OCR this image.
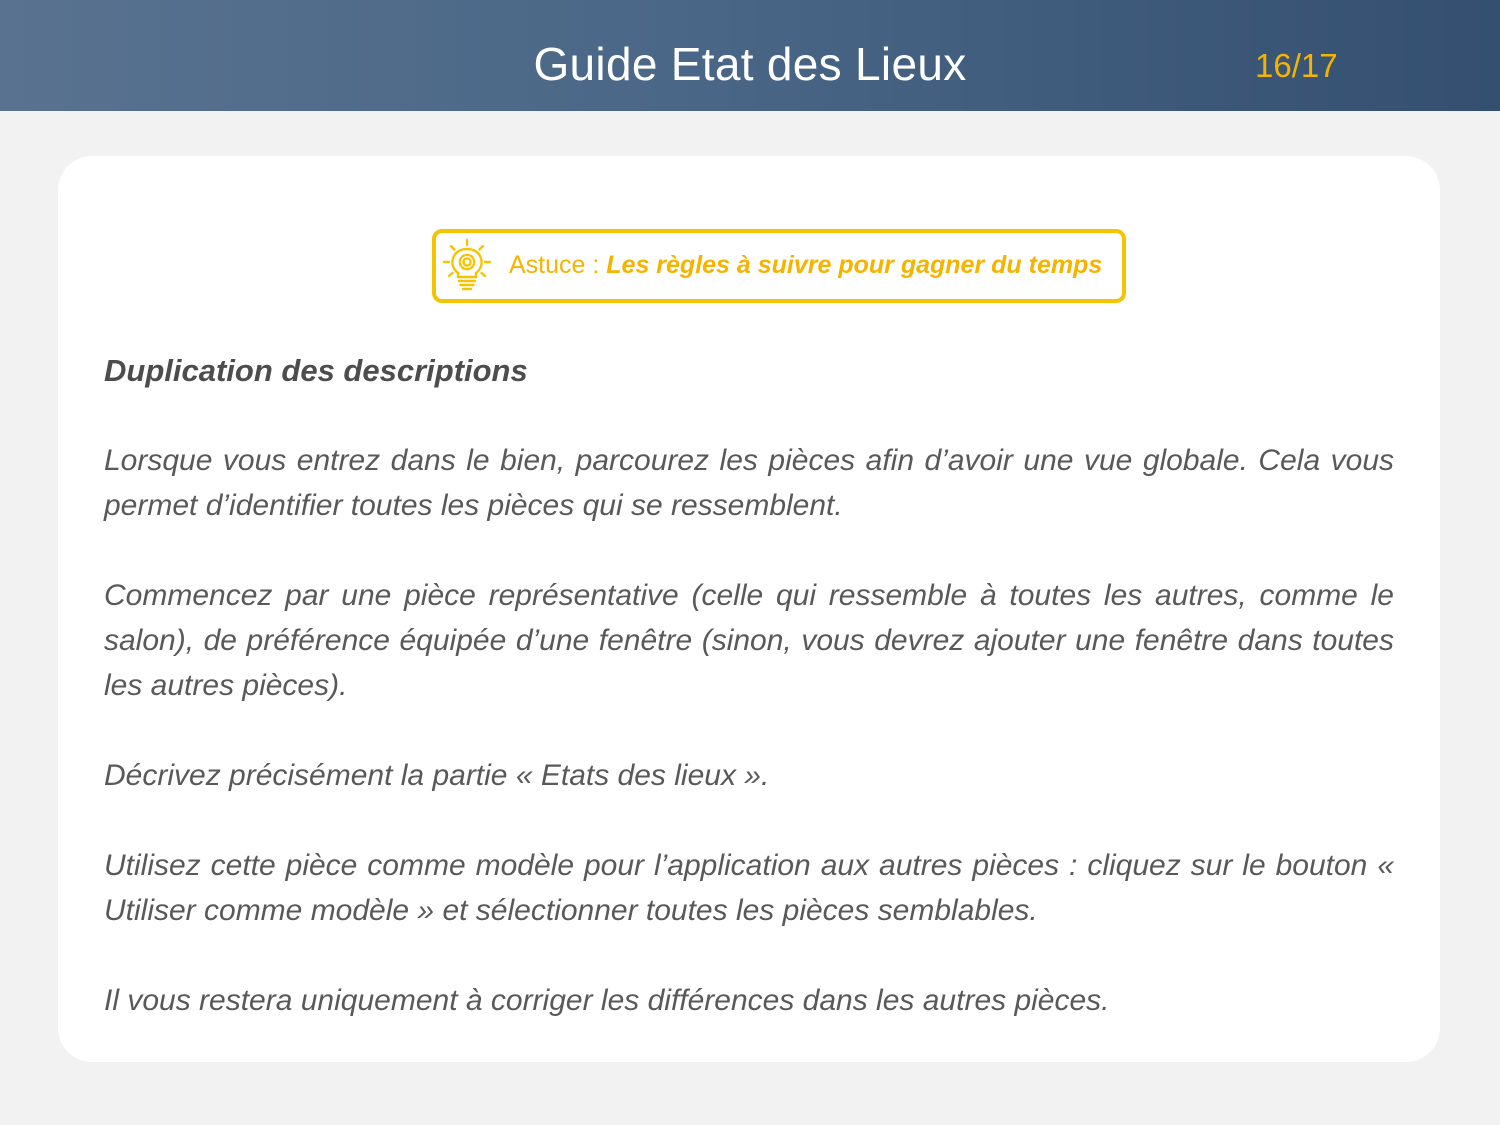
Guide Etat des Lieux	16/17
Astuce : Les règles à suivre pour gagner du temps
Duplication des descriptions

Lorsque vous entrez dans le bien, parcourez les pièces afin d’avoir une vue globale. Cela vous permet d’identifier toutes les pièces qui se ressemblent.

Commencez par une pièce représentative (celle qui ressemble à toutes les autres, comme le salon), de préférence équipée d’une fenêtre (sinon, vous devrez ajouter une fenêtre dans toutes les autres pièces).

Décrivez précisément la partie « Etats des lieux ».

Utilisez cette pièce comme modèle pour l’application aux autres pièces : cliquez sur le bouton « Utiliser comme modèle » et sélectionner toutes les pièces semblables.

Il vous restera uniquement à corriger les différences dans les autres pièces.
